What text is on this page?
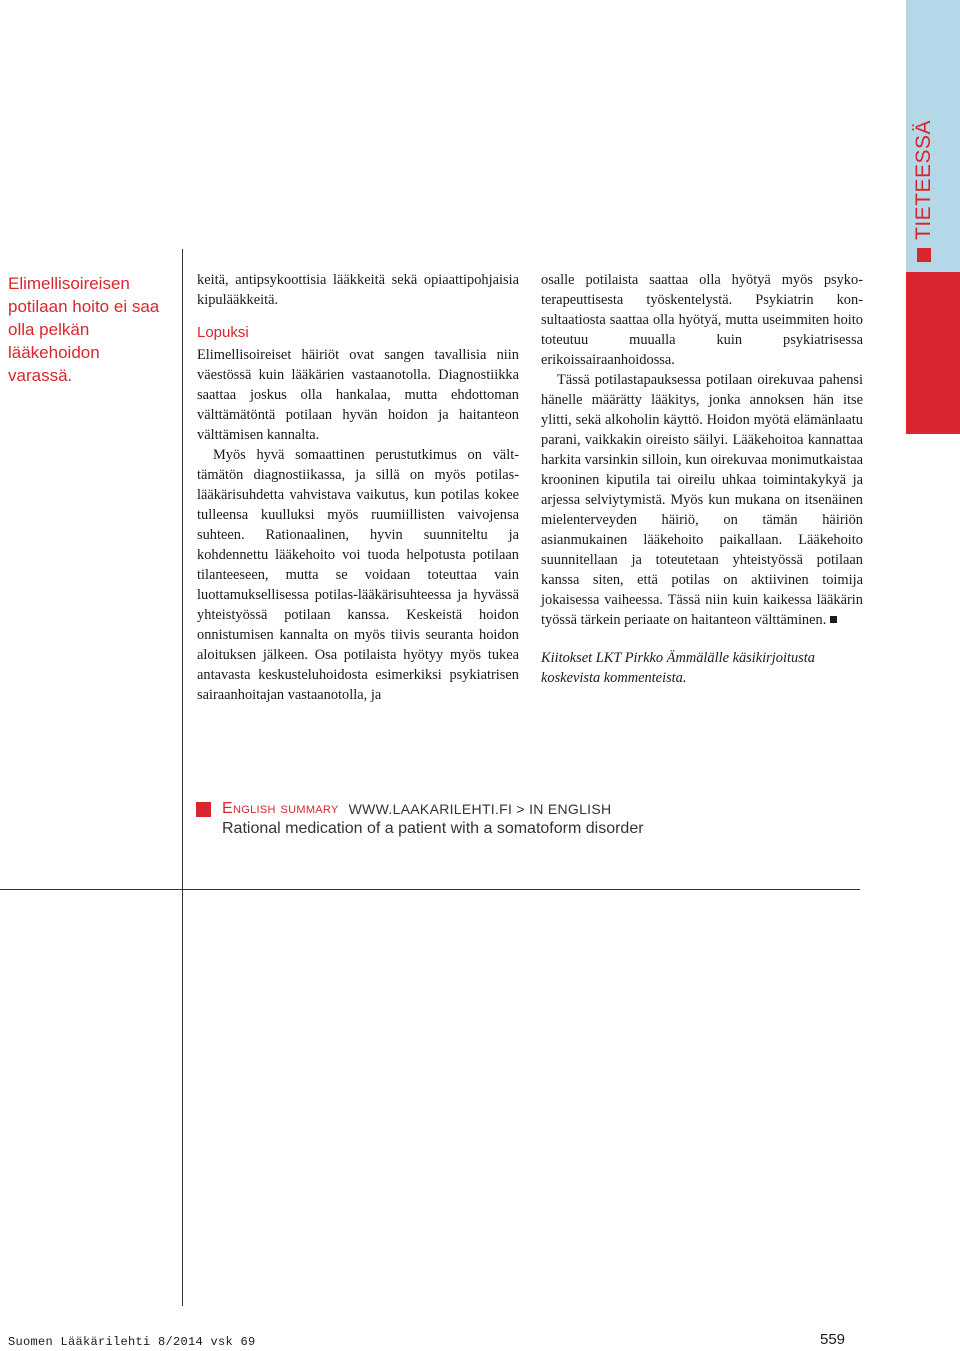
TIETEESSÄ

Elimellisoireisen potilaan hoito ei saa olla pelkän lääkehoidon varassä.

keitä, antipsykoottisia lääkkeitä sekä opiaattipohjaisia kipulääkkeitä.

Lopuksi

Elimellisoireiset häiriöt ovat sangen tavallisia niin väestössä kuin lääkärien vastaanotolla. Diagnostiikka saattaa joskus olla hankalaa, mutta ehdottoman välttämätöntä potilaan hyvän hoidon ja haitanteon välttämisen kannalta.

Myös hyvä somaattinen perustutkimus on välttämätön diagnostiikassa, ja sillä on myös potilas-lääkärisuhdetta vahvistava vaikutus, kun potilas kokee tulleensa kuulluksi myös ruumiillisten vaivojensa suhteen. Rationaalinen, hyvin suunniteltu ja kohdennettu lääkehoito voi tuoda helpotusta potilaan tilanteeseen, mutta se voidaan toteuttaa vain luottamuksellisessa potilas-lääkärisuhteessa ja hyvässä yhteistyössä potilaan kanssa. Keskeistä hoidon onnistumisen kannalta on myös tiivis seuranta hoidon aloituksen jälkeen. Osa potilaista hyötyy myös tukea antavasta keskusteluhoidosta esimerkiksi psykiatrisen sairaanhoitajan vastaanotolla, ja

osalle potilaista saattaa olla hyötyä myös psykoterapeuttisesta työskentelystä. Psykiatrin konsultaatiosta saattaa olla hyötyä, mutta useimmiten hoito toteutuu muualla kuin psykiatrisessa erikoissairaanhoidossa.

Tässä potilastapauksessa potilaan oirekuvaa pahensi hänelle määrätty lääkitys, jonka annoksen hän itse ylitti, sekä alkoholin käyttö. Hoidon myötä elämänlaatu parani, vaikkakin oireisto säilyi. Lääkehoitoa kannattaa harkita varsinkin silloin, kun oirekuvaa monimutkaistaa krooninen kiputila tai oireilu uhkaa toimintakykyä ja arjessa selviytymistä. Myös kun mukana on itsenäinen mielenterveyden häiriö, on tämän häiriön asianmukainen lääkehoito paikallaan. Lääkehoito suunnitellaan ja toteutetaan yhteistyössä potilaan kanssa siten, että potilas on aktiivinen toimija jokaisessa vaiheessa. Tässä niin kuin kaikessa lääkärin työssä tärkein periaate on haitanteon välttäminen.

Kiitokset LKT Pirkko Ämmälälle käsikirjoitusta koskevista kommenteista.

English summary WWW.LAAKARILEHTI.FI > IN ENGLISH
Rational medication of a patient with a somatoform disorder
Suomen Lääkärilehti 8/2014 vsk 69	559
